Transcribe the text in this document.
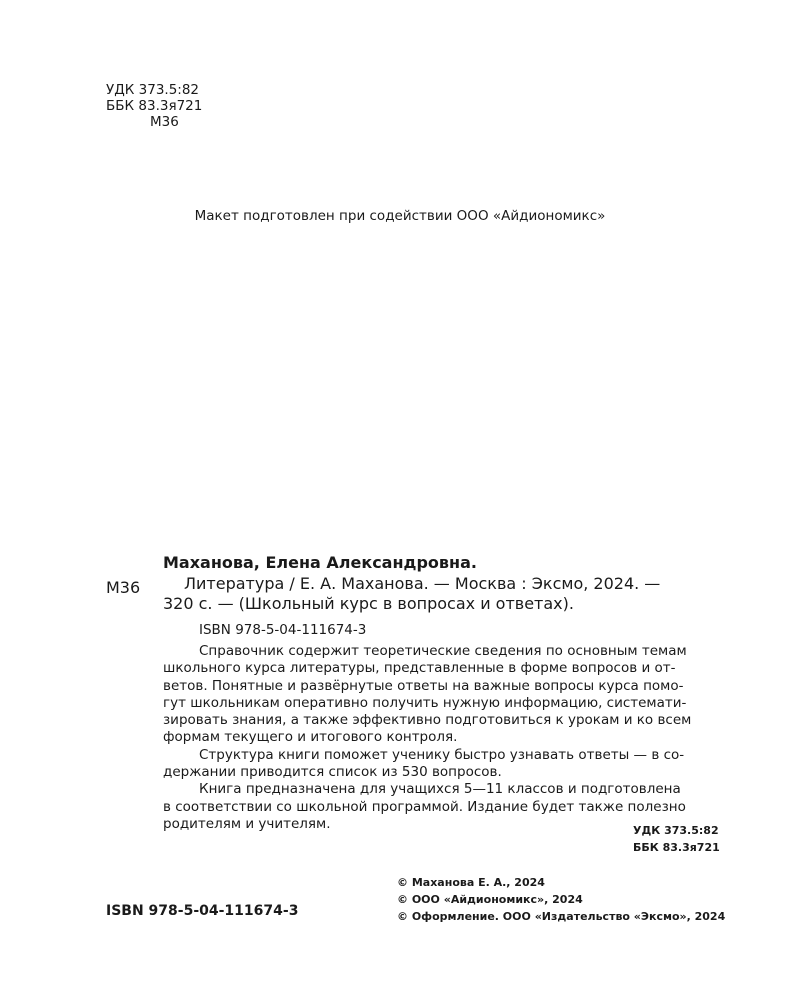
УДК 373.5:82
ББК 83.3я721
М36
Макет подготовлен при содействии ООО «Айдиономикс»
Маханова, Елена Александровна.
М36	Литература / Е. А. Маханова. — Москва : Эксмо, 2024. —
320 с. — (Школьный курс в вопросах и ответах).
ISBN 978-5-04-111674-3
Справочник содержит теоретические сведения по основным темам
школьного курса литературы, представленные в форме вопросов и от-
ветов. Понятные и развёрнутые ответы на важные вопросы курса помо-
гут школьникам оперативно получить нужную информацию, системати-
зировать знания, а также эффективно подготовиться к урокам и ко всем
формам текущего и итогового контроля.
Структура книги поможет ученику быстро узнавать ответы — в со-
держании приводится список из 530 вопросов.
Книга предназначена для учащихся 5—11 классов и подготовлена
в соответствии со школьной программой. Издание будет также полезно
родителям и учителям.	УДК 373.5:82
ББК 83.3я721
© Маханова Е. А., 2024
© ООО «Айдиономикс», 2024
© Оформление. ООО «Издательство «Эксмо», 2024
ISBN 978-5-04-111674-3
